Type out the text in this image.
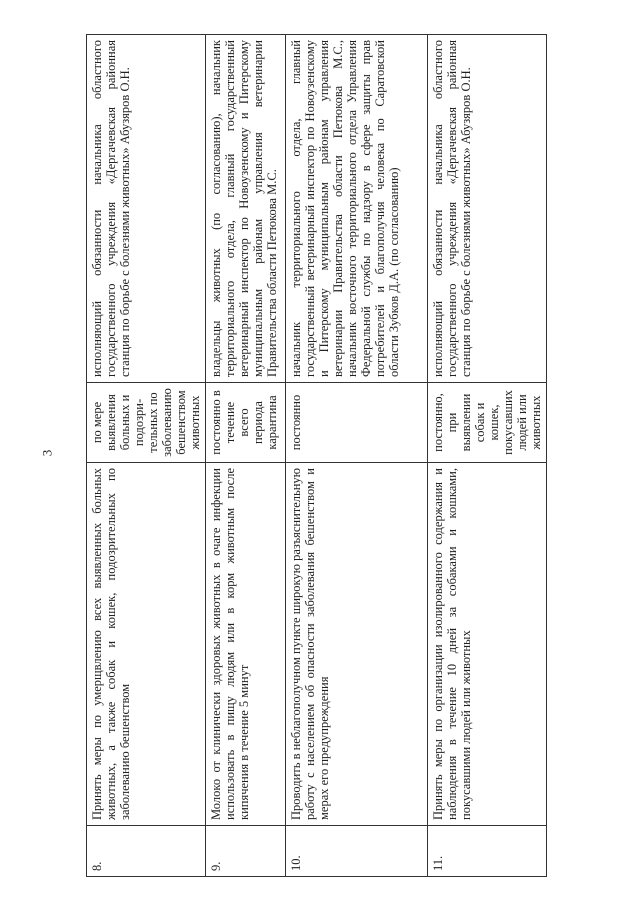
3
8.	Принять меры по умерщвлению всех выявленных больных животных, а также собак и кошек, подозрительных по заболеванию бешенством	по мере выявления больных и подозри-тельных по заболеванию бешенством животных	исполняющий обязанности начальника областного государственного учреждения «Дергачевская районная станция по борьбе с болезнями животных» Абузяров О.Н.
9.	Молоко от клинически здоровых животных в очаге инфекции использовать в пищу людям или в корм животным после кипячения в течение 5 минут	постоянно в течение всего периода карантина	владельцы животных (по согласованию), начальник территориального отдела, главный государственный ветеринарный инспектор по Новоузенскому и Питерскому муниципальным районам управления ветеринарии Правительства области Петюкова М.С.
10.	Проводить в неблагополучном пункте широкую разъяснительную работу с населением об опасности заболевания бешенством и мерах его предупреждения	постоянно	начальник территориального отдела, главный государственный ветеринарный инспектор по Новоузенскому и Питерскому муниципальным районам управления ветеринарии Правительства области Петюкова М.С., начальник восточного территориального отдела Управления Федеральной службы по надзору в сфере защиты прав потребителей и благополучия человека по Саратовской области Зубков Д.А. (по согласованию)
11.	Принять меры по организации изолированного содержания и наблюдения в течение 10 дней за собаками и кошками, покусавшими людей или животных	постоянно, при выявлении собак и кошек, покусавших людей или животных	исполняющий обязанности начальника областного государственного учреждения «Дергачевская районная станция по борьбе с болезнями животных» Абузяров О.Н.
